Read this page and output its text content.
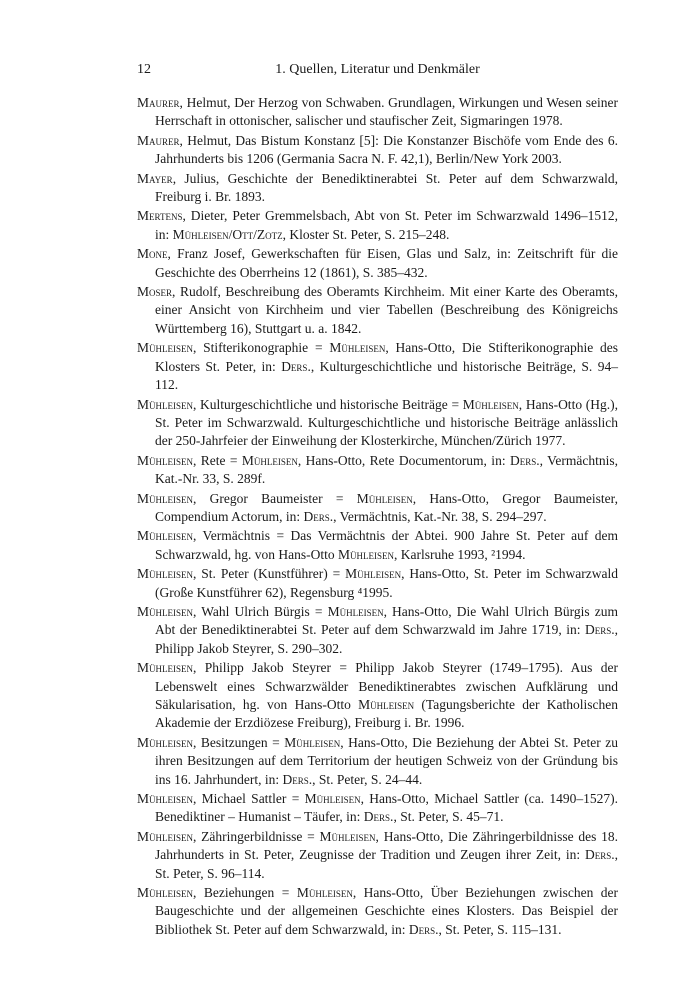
12	1. Quellen, Literatur und Denkmäler

Maurer, Helmut, Der Herzog von Schwaben. Grundlagen, Wirkungen und Wesen seiner Herrschaft in ottonischer, salischer und staufischer Zeit, Sigmaringen 1978.

Maurer, Helmut, Das Bistum Konstanz [5]: Die Konstanzer Bischöfe vom Ende des 6. Jahrhunderts bis 1206 (Germania Sacra N. F. 42,1), Berlin/New York 2003.

Mayer, Julius, Geschichte der Benediktinerabtei St. Peter auf dem Schwarzwald, Freiburg i. Br. 1893.

Mertens, Dieter, Peter Gremmelsbach, Abt von St. Peter im Schwarzwald 1496–1512, in: Mühleisen/Ott/Zotz, Kloster St. Peter, S. 215–248.

Mone, Franz Josef, Gewerkschaften für Eisen, Glas und Salz, in: Zeitschrift für die Geschichte des Oberrheins 12 (1861), S. 385–432.

Moser, Rudolf, Beschreibung des Oberamts Kirchheim. Mit einer Karte des Oberamts, einer Ansicht von Kirchheim und vier Tabellen (Beschreibung des Königreichs Württemberg 16), Stuttgart u. a. 1842.

Mühleisen, Stifterikonographie = Mühleisen, Hans-Otto, Die Stifterikonographie des Klosters St. Peter, in: Ders., Kulturgeschichtliche und historische Beiträge, S. 94–112.

Mühleisen, Kulturgeschichtliche und historische Beiträge = Mühleisen, Hans-Otto (Hg.), St. Peter im Schwarzwald. Kulturgeschichtliche und historische Beiträge anlässlich der 250-Jahrfeier der Einweihung der Klosterkirche, München/Zürich 1977.

Mühleisen, Rete = Mühleisen, Hans-Otto, Rete Documentorum, in: Ders., Vermächtnis, Kat.-Nr. 33, S. 289f.

Mühleisen, Gregor Baumeister = Mühleisen, Hans-Otto, Gregor Baumeister, Compendium Actorum, in: Ders., Vermächtnis, Kat.-Nr. 38, S. 294–297.

Mühleisen, Vermächtnis = Das Vermächtnis der Abtei. 900 Jahre St. Peter auf dem Schwarzwald, hg. von Hans-Otto Mühleisen, Karlsruhe 1993, ²1994.

Mühleisen, St. Peter (Kunstführer) = Mühleisen, Hans-Otto, St. Peter im Schwarzwald (Große Kunstführer 62), Regensburg ⁴1995.

Mühleisen, Wahl Ulrich Bürgis = Mühleisen, Hans-Otto, Die Wahl Ulrich Bürgis zum Abt der Benediktinerabtei St. Peter auf dem Schwarzwald im Jahre 1719, in: Ders., Philipp Jakob Steyrer, S. 290–302.

Mühleisen, Philipp Jakob Steyrer = Philipp Jakob Steyrer (1749–1795). Aus der Lebenswelt eines Schwarzwälder Benediktinerabtes zwischen Aufklärung und Säkularisation, hg. von Hans-Otto Mühleisen (Tagungsberichte der Katholischen Akademie der Erzdiözese Freiburg), Freiburg i. Br. 1996.

Mühleisen, Besitzungen = Mühleisen, Hans-Otto, Die Beziehung der Abtei St. Peter zu ihren Besitzungen auf dem Territorium der heutigen Schweiz von der Gründung bis ins 16. Jahrhundert, in: Ders., St. Peter, S. 24–44.

Mühleisen, Michael Sattler = Mühleisen, Hans-Otto, Michael Sattler (ca. 1490–1527). Benediktiner – Humanist – Täufer, in: Ders., St. Peter, S. 45–71.

Mühleisen, Zähringerbildnisse = Mühleisen, Hans-Otto, Die Zähringerbildnisse des 18. Jahrhunderts in St. Peter, Zeugnisse der Tradition und Zeugen ihrer Zeit, in: Ders., St. Peter, S. 96–114.

Mühleisen, Beziehungen = Mühleisen, Hans-Otto, Über Beziehungen zwischen der Baugeschichte und der allgemeinen Geschichte eines Klosters. Das Beispiel der Bibliothek St. Peter auf dem Schwarzwald, in: Ders., St. Peter, S. 115–131.
